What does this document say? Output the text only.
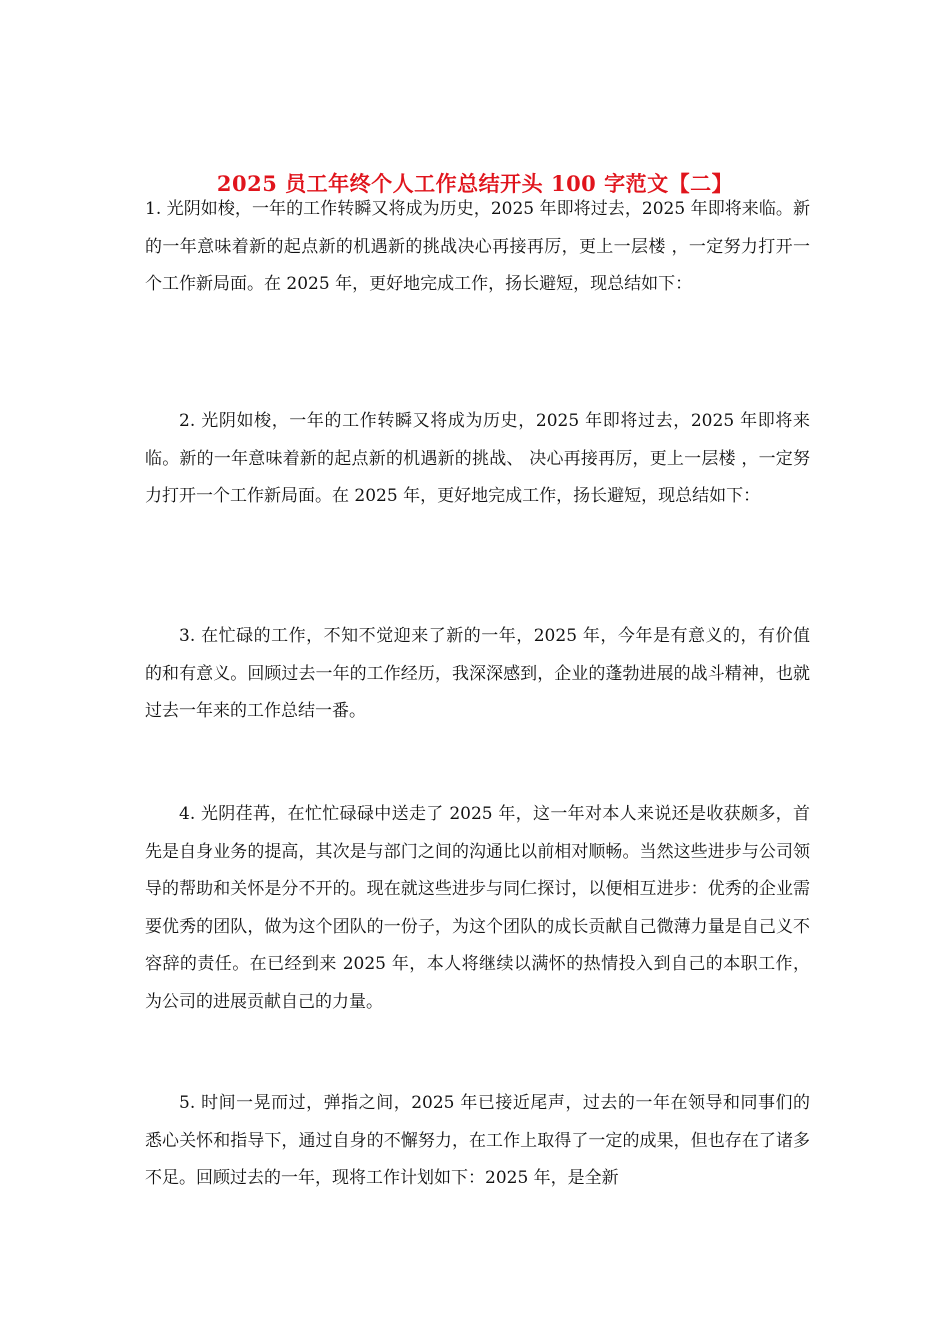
2025 员工年终个人工作总结开头 100 字范文【二】

1. 光阴如梭，一年的工作转瞬又将成为历史，2025 年即将过去，2025 年即将来临。新的一年意味着新的起点新的机遇新的挑战决心再接再厉，更上一层楼 ，一定努力打开一个工作新局面。在 2025 年，更好地完成工作，扬长避短，现总结如下：

2. 光阴如梭，一年的工作转瞬又将成为历史，2025 年即将过去，2025 年即将来临。新的一年意味着新的起点新的机遇新的挑战、 决心再接再厉，更上一层楼 ，一定努力打开一个工作新局面。在 2025 年，更好地完成工作，扬长避短，现总结如下：

3. 在忙碌的工作，不知不觉迎来了新的一年，2025 年，今年是有意义的，有价值的和有意义。回顾过去一年的工作经历，我深深感到，企业的蓬勃进展的战斗精神，也就过去一年来的工作总结一番。

4. 光阴荏苒，在忙忙碌碌中送走了 2025 年，这一年对本人来说还是收获颇多，首先是自身业务的提高，其次是与部门之间的沟通比以前相对顺畅。当然这些进步与公司领导的帮助和关怀是分不开的。现在就这些进步与同仁探讨，以便相互进步：优秀的企业需要优秀的团队，做为这个团队的一份子，为这个团队的成长贡献自己微薄力量是自己义不容辞的责任。在已经到来 2025 年，本人将继续以满怀的热情投入到自己的本职工作，为公司的进展贡献自己的力量。

5. 时间一晃而过，弹指之间，2025 年已接近尾声，过去的一年在领导和同事们的悉心关怀和指导下，通过自身的不懈努力，在工作上取得了一定的成果，但也存在了诸多不足。回顾过去的一年，现将工作计划如下：2025 年，是全新
